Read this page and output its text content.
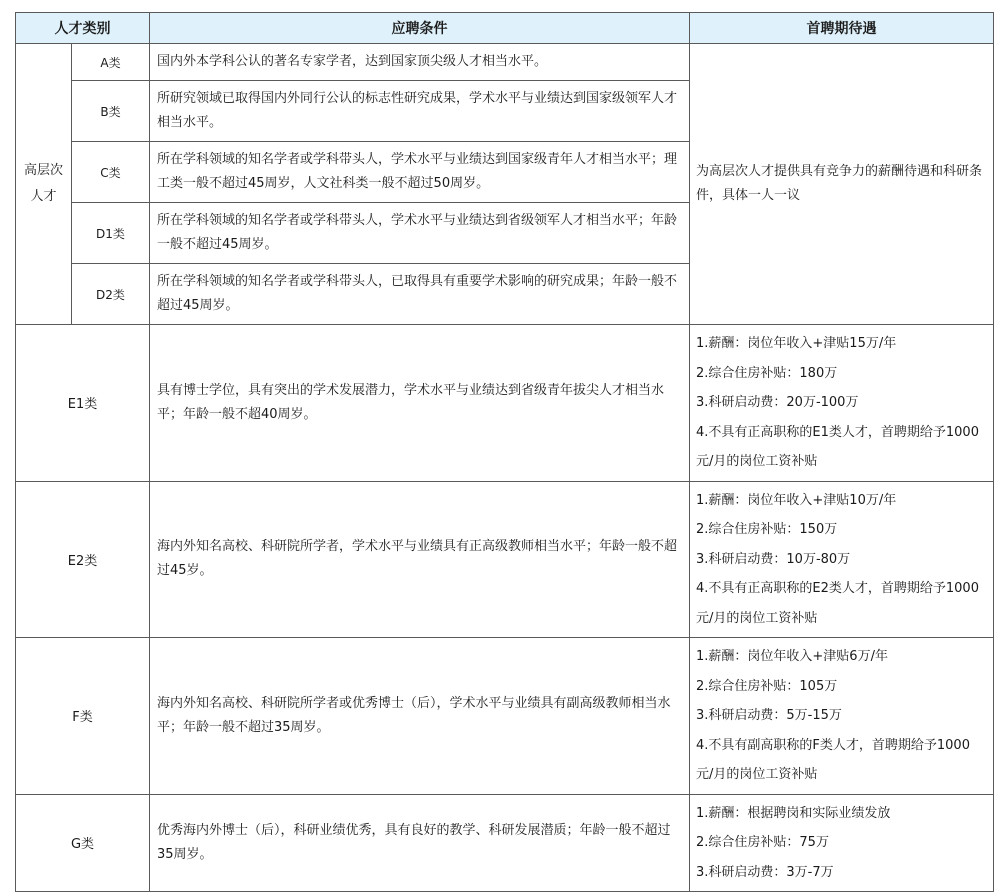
人才类别		应聘条件	首聘期待遇

高层次
人才	A类	国内外本学科公认的著名专家学者，达到国家顶尖级人才相当水平。	为高层次人才提供具有竞争力的薪酬待遇和科研条件，具体一人一议
	B类	所研究领域已取得国内外同行公认的标志性研究成果，学术水平与业绩达到国家级领军人才相当水平。	
	C类	所在学科领域的知名学者或学科带头人，学术水平与业绩达到国家级青年人才相当水平；理工类一般不超过45周岁，人文社科类一般不超过50周岁。	
	D1类	所在学科领域的知名学者或学科带头人，学术水平与业绩达到省级领军人才相当水平；年龄一般不超过45周岁。	
	D2类	所在学科领域的知名学者或学科带头人，已取得具有重要学术影响的研究成果；年龄一般不超过45周岁。	
E1类		具有博士学位，具有突出的学术发展潜力，学术水平与业绩达到省级青年拔尖人才相当水平；年龄一般不超40周岁。	1.薪酬：岗位年收入+津贴15万/年
2.综合住房补贴：180万
3.科研启动费：20万-100万
4.不具有正高职称的E1类人才，首聘期给予1000元/月的岗位工资补贴

E2类		海内外知名高校、科研院所学者，学术水平与业绩具有正高级教师相当水平；年龄一般不超过45岁。	1.薪酬：岗位年收入+津贴10万/年
2.综合住房补贴：150万
3.科研启动费：10万-80万
4.不具有正高职称的E2类人才，首聘期给予1000元/月的岗位工资补贴

F类		海内外知名高校、科研院所学者或优秀博士（后），学术水平与业绩具有副高级教师相当水平；年龄一般不超过35周岁。	1.薪酬：岗位年收入+津贴6万/年
2.综合住房补贴：105万
3.科研启动费：5万-15万
4.不具有副高职称的F类人才，首聘期给予1000元/月的岗位工资补贴

G类		优秀海内外博士（后），科研业绩优秀，具有良好的教学、科研发展潜质；年龄一般不超过35周岁。	1.薪酬：根据聘岗和实际业绩发放
2.综合住房补贴：75万
3.科研启动费：3万-7万
